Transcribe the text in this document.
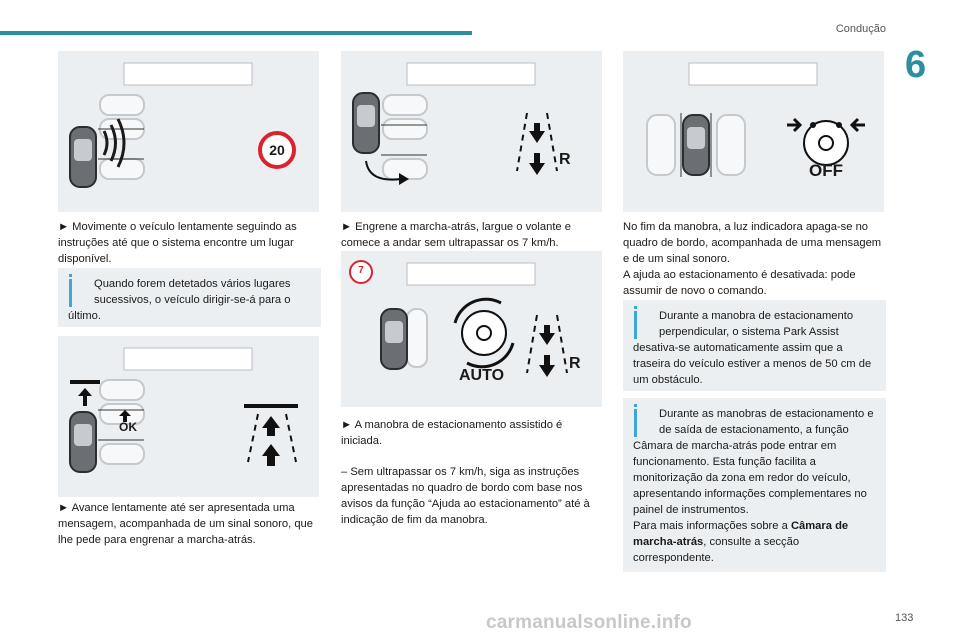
Condução
6
20

► Movimente o veículo lentamente seguindo as instruções até que o sistema encontre um lugar disponível.

Quando forem detetados vários lugares sucessivos, o veículo dirigir-se-á para o
último.
OK

► Avance lentamente até ser apresentada uma mensagem, acompanhada de um sinal sonoro, que lhe pede para engrenar a marcha-atrás.

R

► Engrene a marcha-atrás, largue o volante e comece a andar sem ultrapassar os 7 km/h.

7
AUTO
R

► A manobra de estacionamento assistido é iniciada.

– Sem ultrapassar os 7 km/h, siga as instruções apresentadas no quadro de bordo com base nos avisos da função “Ajuda ao estacionamento” até à indicação de fim da manobra.

OFF

No fim da manobra, a luz indicadora apaga-se no quadro de bordo, acompanhada de uma mensagem e de um sinal sonoro.

A ajuda ao estacionamento é desativada: pode assumir de novo o comando.

Durante a manobra de estacionamento perpendicular, o sistema Park Assist
desativa-se automaticamente assim que a traseira do veículo estiver a menos de 50 cm de um obstáculo.
Durante as manobras de estacionamento e de saída de estacionamento, a função
Câmara de marcha-atrás pode entrar em funcionamento. Esta função facilita a monitorização da zona em redor do veículo, apresentando informações complementares no painel de instrumentos.
Para mais informações sobre a Câmara de marcha-atrás, consulte a secção correspondente.
carmanualsonline.info	133
